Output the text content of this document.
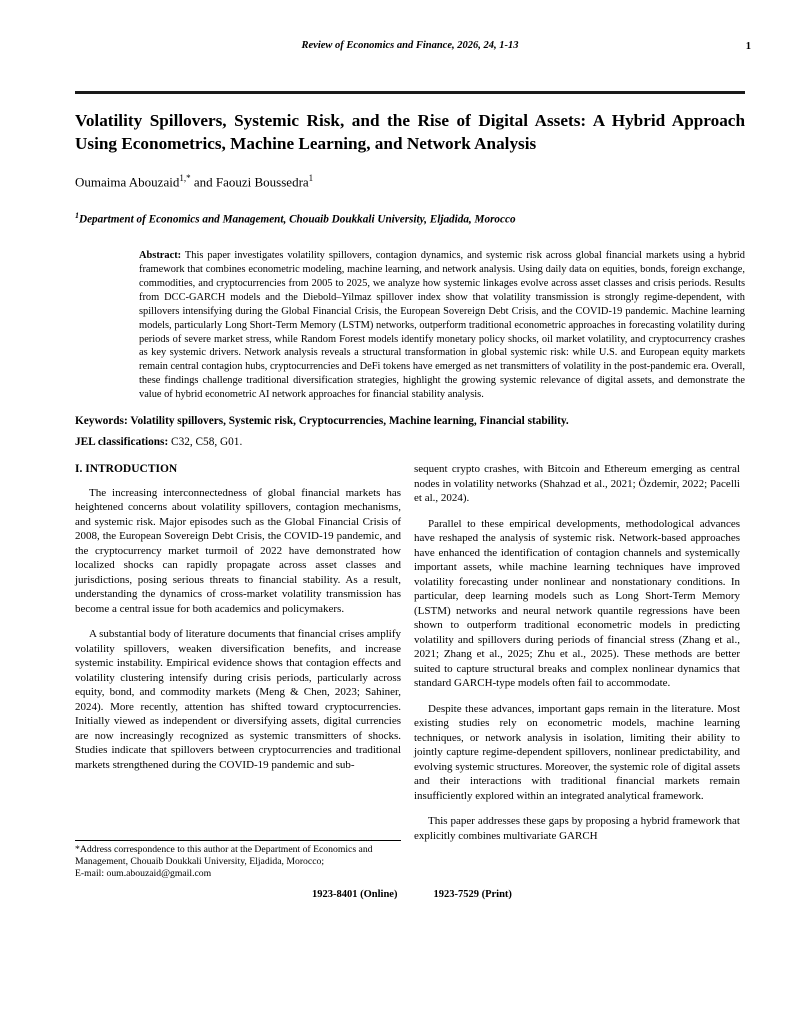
Review of Economics and Finance, 2026, 24, 1-13	1
Volatility Spillovers, Systemic Risk, and the Rise of Digital Assets: A Hybrid Approach Using Econometrics, Machine Learning, and Network Analysis
Oumaima Abouzaid$^{1,*}$ and Faouzi Boussedra$^1$
$^1$Department of Economics and Management, Chouaib Doukkali University, Eljadida, Morocco
Abstract: This paper investigates volatility spillovers, contagion dynamics, and systemic risk across global financial markets using a hybrid framework that combines econometric modeling, machine learning, and network analysis. Using daily data on equities, bonds, foreign exchange, commodities, and cryptocurrencies from 2005 to 2025, we analyze how systemic linkages evolve across asset classes and crisis periods. Results from DCC-GARCH models and the Diebold–Yilmaz spillover index show that volatility transmission is strongly regime-dependent, with spillovers intensifying during the Global Financial Crisis, the European Sovereign Debt Crisis, and the COVID-19 pandemic. Machine learning models, particularly Long Short-Term Memory (LSTM) networks, outperform traditional econometric approaches in forecasting volatility during periods of severe market stress, while Random Forest models identify monetary policy shocks, oil market volatility, and cryptocurrency crashes as key systemic drivers. Network analysis reveals a structural transformation in global systemic risk: while U.S. and European equity markets remain central contagion hubs, cryptocurrencies and DeFi tokens have emerged as net transmitters of volatility in the post-pandemic era. Overall, these findings challenge traditional diversification strategies, highlight the growing systemic relevance of digital assets, and demonstrate the value of hybrid econometric AI network approaches for financial stability analysis.
Keywords: Volatility spillovers, Systemic risk, Cryptocurrencies, Machine learning, Financial stability.
JEL classifications: C32, C58, G01.
I. INTRODUCTION

The increasing interconnectedness of global financial markets has heightened concerns about volatility spillovers, contagion mechanisms, and systemic risk. Major episodes such as the Global Financial Crisis of 2008, the European Sovereign Debt Crisis, the COVID-19 pandemic, and the cryptocurrency market turmoil of 2022 have demonstrated how localized shocks can rapidly propagate across asset classes and jurisdictions, posing serious threats to financial stability. As a result, understanding the dynamics of cross-market volatility transmission has become a central issue for both academics and policymakers.

A substantial body of literature documents that financial crises amplify volatility spillovers, weaken diversification benefits, and increase systemic instability. Empirical evidence shows that contagion effects and volatility clustering intensify during crisis periods, particularly across equity, bond, and commodity markets (Meng & Chen, 2023; Sahiner, 2024). More recently, attention has shifted toward cryptocurrencies. Initially viewed as independent or diversifying assets, digital currencies are now increasingly recognized as systemic transmitters of shocks. Studies indicate that spillovers between cryptocurrencies and traditional markets strengthened during the COVID-19 pandemic and sub-

*Address correspondence to this author at the Department of Economics and Management, Chouaib Doukkali University, Eljadida, Morocco;
E-mail: oum.abouzaid@gmail.com

sequent crypto crashes, with Bitcoin and Ethereum emerging as central nodes in volatility networks (Shahzad et al., 2021; Özdemir, 2022; Pacelli et al., 2024).

Parallel to these empirical developments, methodological advances have reshaped the analysis of systemic risk. Network-based approaches have enhanced the identification of contagion channels and systemically important assets, while machine learning techniques have improved volatility forecasting under nonlinear and nonstationary conditions. In particular, deep learning models such as Long Short-Term Memory (LSTM) networks and neural network quantile regressions have been shown to outperform traditional econometric models in predicting volatility and spillovers during periods of financial stress (Zhang et al., 2021; Zhang et al., 2025; Zhu et al., 2025). These methods are better suited to capture structural breaks and complex nonlinear dynamics that standard GARCH-type models often fail to accommodate.

Despite these advances, important gaps remain in the literature. Most existing studies rely on econometric models, machine learning techniques, or network analysis in isolation, limiting their ability to jointly capture regime-dependent spillovers, nonlinear predictability, and evolving systemic structures. Moreover, the systemic role of digital assets and their interactions with traditional financial markets remain insufficiently explored within an integrated analytical framework.

This paper addresses these gaps by proposing a hybrid framework that explicitly combines multivariate GARCH

1923-8401 (Online)	1923-7529 (Print)
